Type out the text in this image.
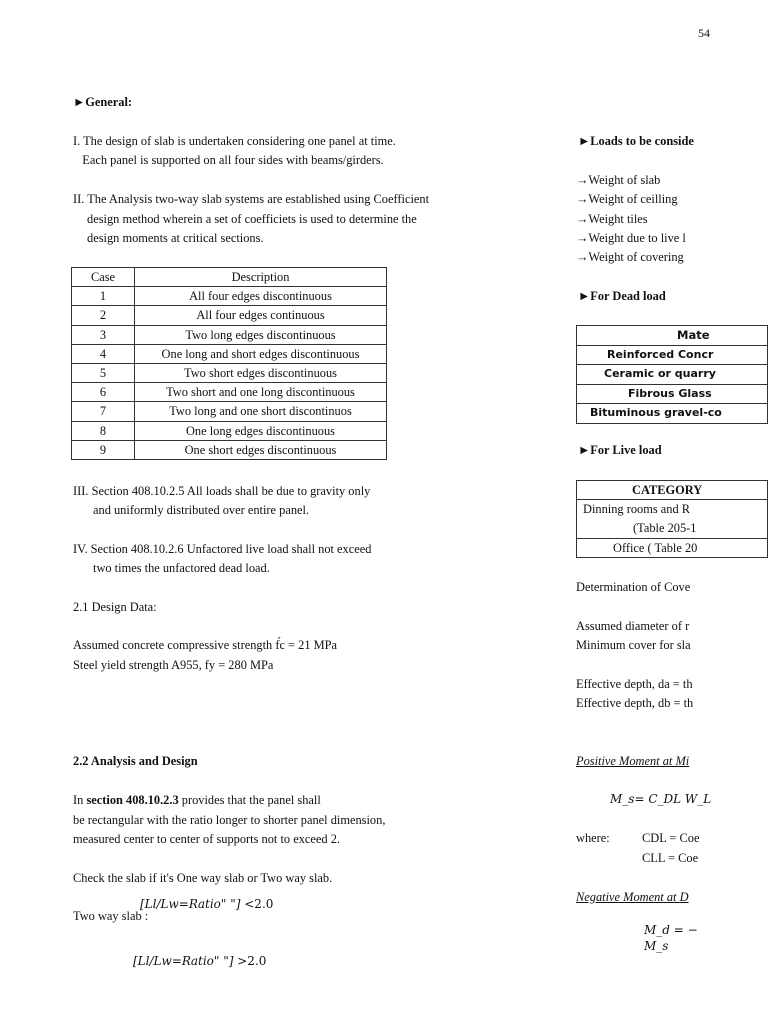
54
►General:
I. The design of slab is undertaken considering one panel at time.
Each panel is supported on all four sides with beams/girders.
II. The Analysis two-way slab systems are established using Coefficient
design method wherein a set of coefficiets is used to determine the
design moments at critical sections.
Case	Description
1	All four edges discontinuous
2	All four edges continuous
3	Two long edges discontinuous
4	One long and short edges discontinuous
5	Two short edges discontinuous
6	Two short and one long discontinuous
7	Two long and one short discontinuos
8	One long edges discontinuous
9	One short edges discontinuous
III. Section 408.10.2.5 All loads shall be due to gravity only
and uniformly distributed over entire panel.
IV. Section 408.10.2.6 Unfactored live load shall not exceed
two times the unfactored dead load.
2.1 Design Data:
Assumed concrete compressive strength f́c = 21 MPa
Steel yield strength A955, fy = 280 MPa
2.2 Analysis and Design
In section 408.10.2.3 provides that the panel shall
be rectangular with the ratio longer to shorter panel dimension,
measured center to center of supports not to exceed 2.
Check the slab if it's One way slab or Two way slab.
[𝐿𝑙/𝐿𝑤=𝑅𝑎𝑡𝑖𝑜" "] <2.0
Two way slab :
[𝐿𝑙/𝐿𝑤=𝑅𝑎𝑡𝑖𝑜" "] >2.0
►Loads to be conside
→Weight of slab
→Weight of ceilling
→Weight tiles
→Weight due to live l
→Weight of covering
►For Dead load
Mate
Reinforced Concr
Ceramic or quarry
Fibrous Glass
Bituminous gravel-co
►For Live load
CATEGORY
Dinning rooms and R
(Table 205-1
Office ( Table 20
Determination of Cove
Assumed diameter of r
Minimum cover for sla
Effective depth, da = th
Effective depth, db = th
Positive Moment at Mi
𝑀_𝑠= 𝐶_𝐷𝐿 𝑊_𝐿
where:	CDL = Coe
CLL = Coe
Negative Moment at D
𝑀_𝑑 = −
𝑀_𝑠
